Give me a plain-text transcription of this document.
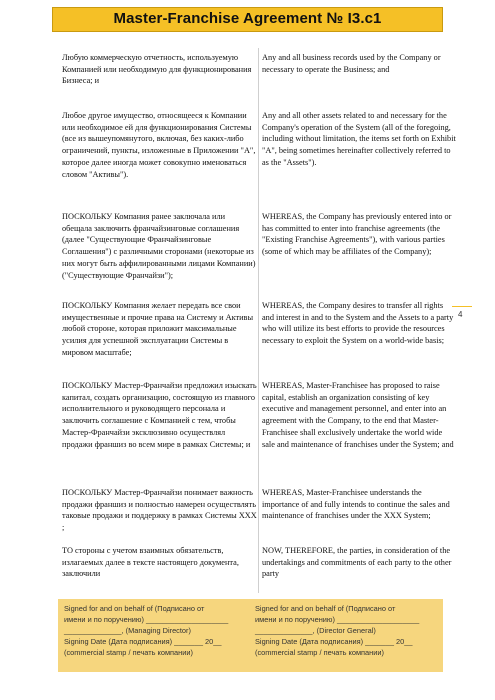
Master-Franchise Agreement № I3.c1

Любую коммерческую отчетность, используемую Компанией или необходимую для функционирования Бизнеса; и

Any and all business records used by the Company or necessary to operate the Business; and

Любое другое имущество, относящееся к Компании или необходимое ей для функционирования Системы (все из вышеупомянутого, включая, без каких-либо ограничений, пункты, изложенные в Приложении "A", которое далее иногда может совокупно именоваться словом "Активы").

Any and all other assets related to and necessary for the Company's operation of the System (all of the foregoing, including without limitation, the items set forth on Exhibit "A", being sometimes hereinafter collectively referred to as the "Assets").

ПОСКОЛЬКУ Компания ранее заключала или обещала заключить франчайзинговые соглашения (далее "Существующие Франчайзинговые Соглашения") с различными сторонами (некоторые из них могут быть аффилированными лицами Компании) ("Существующие Франчайзи");

WHEREAS, the Company has previously entered into or has committed to enter into franchise agreements (the "Existing Franchise Agreements"), with various parties (some of which may be affiliates of the Company);

ПОСКОЛЬКУ Компания желает передать все свои имущественные и прочие права на Систему и Активы любой стороне, которая приложит максимальные усилия для успешной эксплуатации Системы в мировом масштабе;

WHEREAS, the Company desires to transfer all rights and interest in and to the System and the Assets to a party who will utilize its best efforts to provide the resources necessary to exploit the System on a world-wide basis;

ПОСКОЛЬКУ Мастер-Франчайзи предложил изыскать капитал, создать организацию, состоящую из главного исполнительного и руководящего персонала и заключить соглашение с Компанией с тем, чтобы Мастер-Франчайзи эксклюзивно осуществлял продажи франшиз во всем мире в рамках Системы; и

WHEREAS, Master-Franchisee has proposed to raise capital, establish an organization consisting of key executive and management personnel, and enter into an agreement with the Company, to the end that Master-Franchisee shall exclusively undertake the world wide sale and maintenance of franchises under the System; and

ПОСКОЛЬКУ Мастер-Франчайзи понимает важность продажи франшиз и полностью намерен осуществлять таковые продажи и поддержку в рамках Системы XXX ;

WHEREAS, Master-Franchisee understands the importance of and fully intends to continue the sales and maintenance of franchises under the XXX System;

ТО стороны с учетом взаимных обязательств, излагаемых далее в тексте настоящего документа, заключили

NOW, THEREFORE, the parties, in consideration of the undertakings and commitments of each party to the other party

4
Signed for and on behalf of (Подписано от
имени и по поручению) ____________________
______________, (Managing Director)
Signing Date (Дата подписания) _______ 20__
(commercial stamp / печать компании)
Signed for and on behalf of (Подписано от
имени и по поручению) ____________________
______________, (Director General)
Signing Date (Дата подписания) _______ 20__
(commercial stamp / печать компании)
